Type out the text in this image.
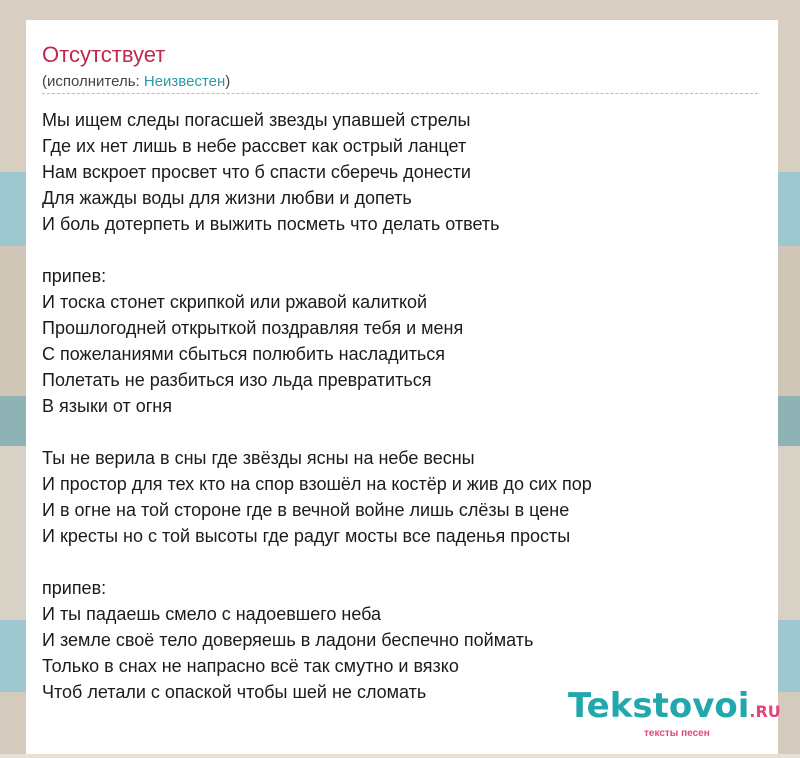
Отсутствует
(исполнитель: Неизвестен)
Мы ищем следы погасшей звезды упавшей стрелы
Где их нет лишь в небе рассвет как острый ланцет
Нам вскроет просвет что б спасти сберечь донести
Для жажды воды для жизни любви и допеть
И боль дотерпеть и выжить посметь что делать ответь
припев:
И тоска стонет скрипкой или ржавой калиткой
Прошлогодней открыткой поздравляя тебя и меня
С пожеланиями сбыться полюбить насладиться
Полетать не разбиться изо льда превратиться
В языки от огня
Ты не верила в сны где звёзды ясны на небе весны
И простор для тех кто на спор взошёл на костёр и жив до сих пор
И в огне на той стороне где в вечной войне лишь слёзы в цене
И кресты но с той высоты где радуг мосты все паденья просты
припев:
И ты падаешь смело с надоевшего неба
И земле своё тело доверяешь в ладони беспечно поймать
Только в снах не напрасно всё так смутно и вязко
Чтоб летали с опаской чтобы шей не сломать	Tekstovoi.RU
тексты песен
